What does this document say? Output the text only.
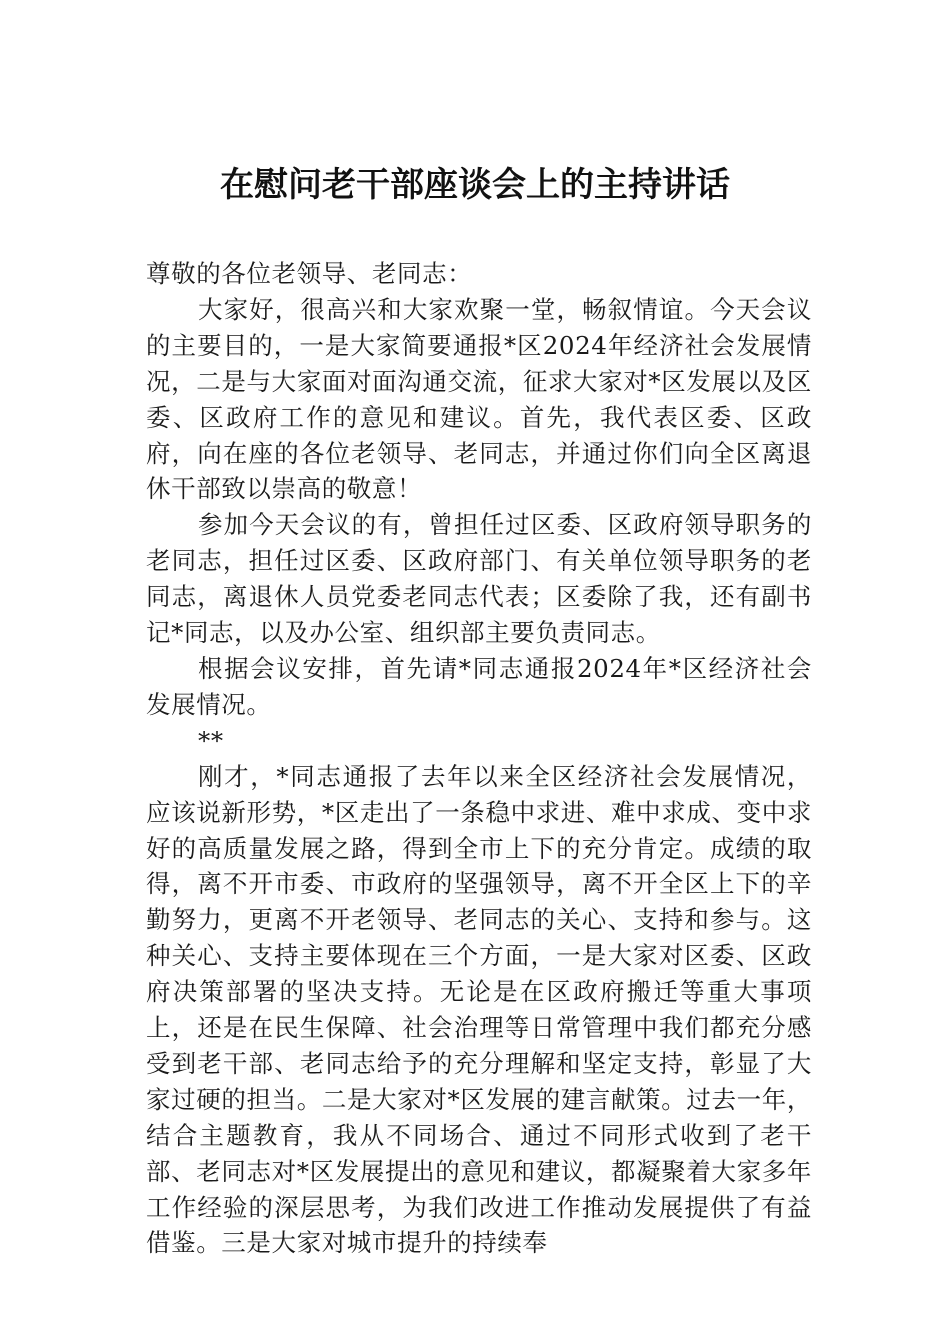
在慰问老干部座谈会上的主持讲话

尊敬的各位老领导、老同志：

大家好，很高兴和大家欢聚一堂，畅叙情谊。今天会议的主要目的，一是大家简要通报*区2024年经济社会发展情况，二是与大家面对面沟通交流，征求大家对*区发展以及区委、区政府工作的意见和建议。首先，我代表区委、区政府，向在座的各位老领导、老同志，并通过你们向全区离退休干部致以崇高的敬意！

参加今天会议的有，曾担任过区委、区政府领导职务的老同志，担任过区委、区政府部门、有关单位领导职务的老同志，离退休人员党委老同志代表；区委除了我，还有副书记*同志，以及办公室、组织部主要负责同志。

根据会议安排，首先请*同志通报2024年*区经济社会发展情况。

**

刚才，*同志通报了去年以来全区经济社会发展情况，应该说新形势，*区走出了一条稳中求进、难中求成、变中求好的高质量发展之路，得到全市上下的充分肯定。成绩的取得，离不开市委、市政府的坚强领导，离不开全区上下的辛勤努力，更离不开老领导、老同志的关心、支持和参与。这种关心、支持主要体现在三个方面，一是大家对区委、区政府决策部署的坚决支持。无论是在区政府搬迁等重大事项上，还是在民生保障、社会治理等日常管理中我们都充分感受到老干部、老同志给予的充分理解和坚定支持，彰显了大家过硬的担当。二是大家对*区发展的建言献策。过去一年，结合主题教育，我从不同场合、通过不同形式收到了老干部、老同志对*区发展提出的意见和建议，都凝聚着大家多年工作经验的深层思考，为我们改进工作推动发展提供了有益借鉴。三是大家对城市提升的持续奉
